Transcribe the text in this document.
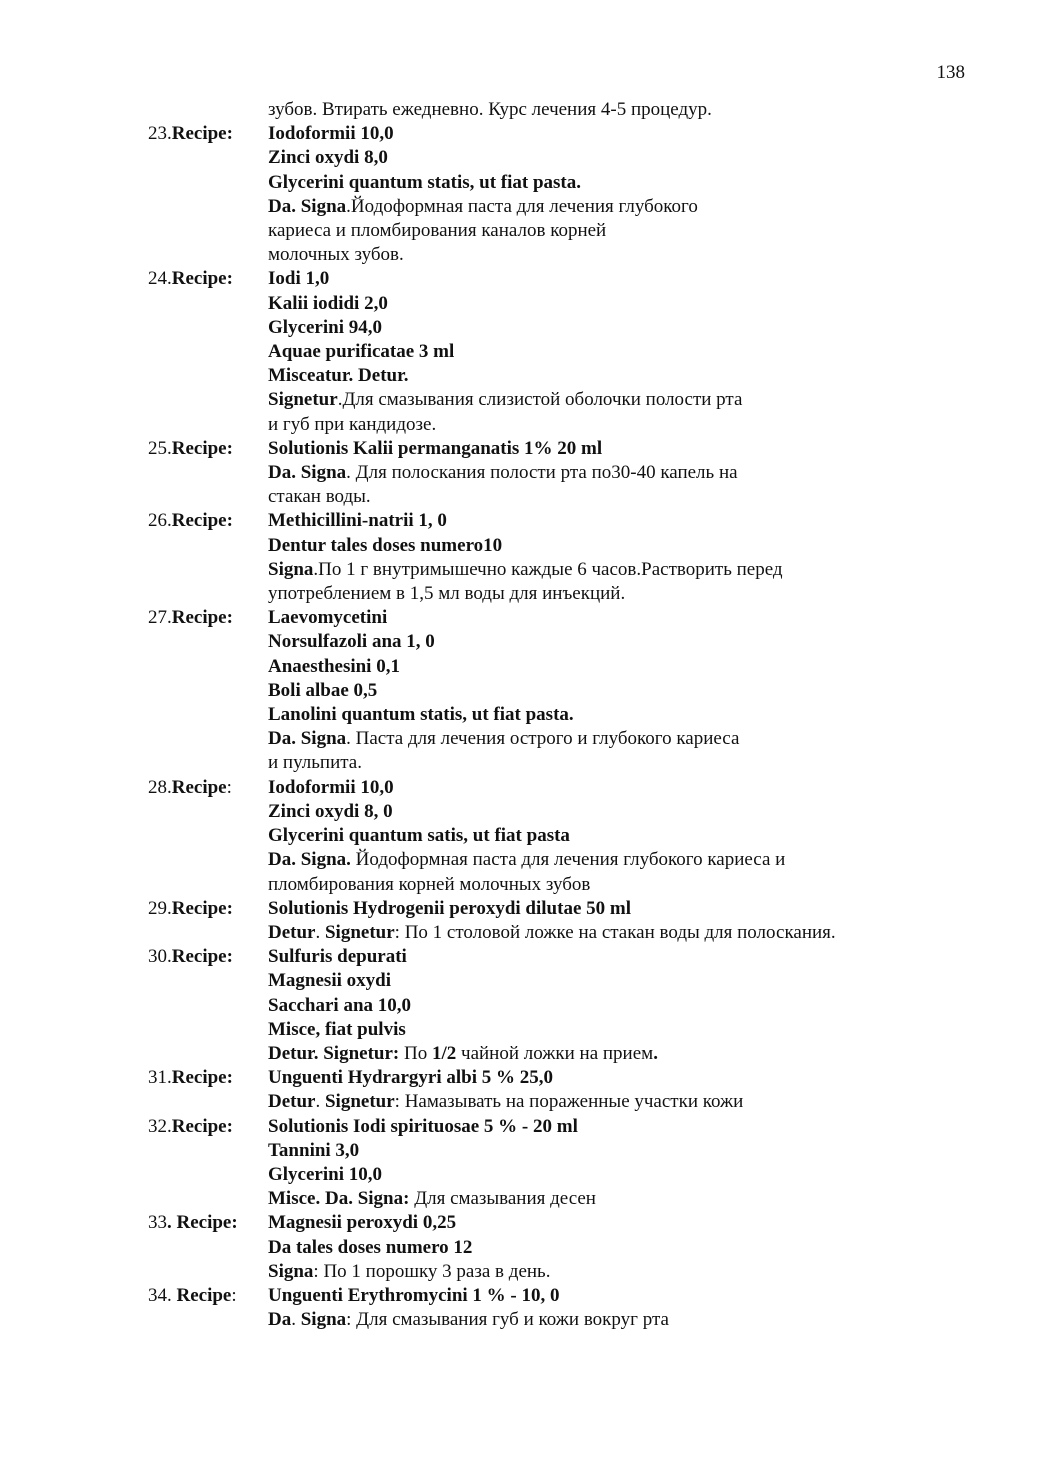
138
зубов. Втирать ежедневно. Курс лечения 4-5 процедур.
23.Recipe:	Iodoformii 10,0
Zinci oxydi 8,0
Glycerini quantum statis, ut fiat pasta.
Da. Signa.Йодоформная паста для лечения глубокого
кариеса и пломбирования каналов корней
молочных зубов.
24.Recipe:	Iodi 1,0
Kalii iodidi 2,0
Glycerini 94,0
Aquae purificatae 3 ml
Misceatur. Detur.
Signetur.Для смазывания слизистой оболочки полости рта
и губ при кандидозе.
25.Recipe:	Solutionis Kalii permanganatis 1% 20 ml
Da. Signa. Для полоскания полости рта по30-40 капель на
стакан воды.
26.Recipe:	Methicillini-natrii 1, 0
Dentur tales doses numero10
Signa.По 1 г внутримышечно каждые 6 часов.Растворить перед
употреблением в 1,5 мл воды для инъекций.
27.Recipe:	Laevomycetini
Norsulfazoli ana 1, 0
Anaesthesini 0,1
Boli albae 0,5
Lanolini quantum statis, ut fiat pasta.
Da. Signa. Паста для лечения острого и глубокого кариеса
и пульпита.
28.Recipe:	Iodoformii 10,0
Zinci oxydi 8, 0
Glycerini quantum satis, ut fiat pasta
Da. Signa. Йодоформная паста для лечения глубокого кариеса и
пломбирования корней молочных зубов
29.Recipe:	Solutionis Hydrogenii peroxydi dilutae 50 ml
Detur. Signetur: По 1 столовой ложке на стакан воды для полоскания.
30.Recipe:	Sulfuris depurati
Magnesii oxydi
Sacchari ana 10,0
Misce, fiat pulvis
Detur. Signetur: По 1/2 чайной ложки на прием.
31.Recipe:	Unguenti Hydrargyri albi 5 % 25,0
Detur. Signetur: Намазывать на пораженные участки кожи
32.Recipe:	Solutionis Iodi spirituosae 5 % - 20 ml
Tannini 3,0
Glycerini 10,0
Misce. Da. Signa: Для смазывания десен
33. Recipe:	Magnesii peroxydi 0,25
Da tales doses numero 12
Signa: По 1 порошку 3 раза в день.
34. Recipe:	Unguenti Erythromycini 1 % - 10, 0
Da. Signa: Для смазывания губ и кожи вокруг рта
